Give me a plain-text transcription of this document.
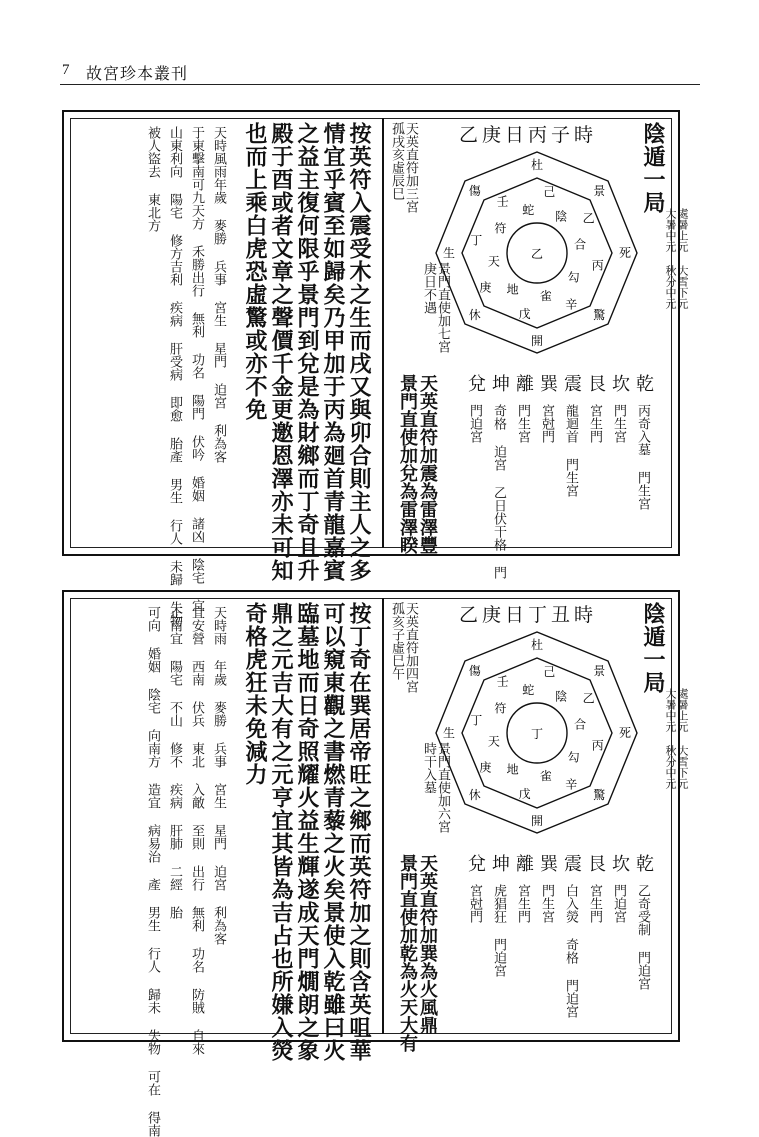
7 故宮珍本叢刊
陰遁一局
大暑中元 秋分中元 處暑上元 大雪下元
乙庚日丙子時
乙
杜
己
蛇
景
乙
陰
死
丙
合
驚
辛
勾
開
戊
雀
休
庚 地
生
丁
天
傷
壬
符
孤戌亥虛辰巳 天英直符加三宮
庚日不遇 景門直使加七宮
乾
丙奇入墓 門生宮
坎
門生宮
艮
宮生門
震
龍迴首 門生宮
巽
宮尅門
離
門生宮
坤
奇格 迫宮 乙日伏干格 門
兌
門迫宮
天英直符加震為雷澤豐
景門直使加兌為雷澤睽
按英符入震受木之生而戌又與卯合則主人之多
情宜乎賓至如歸矣乃甲加于丙為廻首青龍嘉賓
之益主復何限乎景門到兌是為財鄉而丁奇且升
殿于酉或者文章之聲價千金更邀恩澤亦未可知
也而上乘白虎恐虛驚或亦不免
天時風雨年歲 麥勝 兵事 宮生 星門 迫宮 利為客
于東擊南可九天方 禾勝出行 無利 功名 陽門 伏吟 婚姻 諸凶 陰宅 宜
山東利向 陽宅 修方吉利 疾病 肝受病 即愈 胎產 男生 行人 未歸 失物
被人盜去 東北方
陰遁一局
大暑中元 秋分中元 處暑上元 大雪下元
乙庚日丁丑時
丁
杜
己
蛇
景
乙
陰
死
丙
合
驚
辛
勾
開
戊
雀
休
庚 地
生
丁
天
傷
壬
符
孤亥子虛巳午 天英直符加四宮
時干入墓 景門直使加六宮
乾
乙奇受制 門迫宮
坎
門迫宮
艮
宮生門
震
白入熒 奇格 門迫宮
巽
門生宮
離
宮生門
坤
虎猖狂 門迫宮
兌
宮尅門
天英直符加巽為火風鼎
景門直使加乾為火天大有
按丁奇在巽居帝旺之鄉而英符加之則含英咀華
可以窺東觀之書燃青藜之火矣景使入乾雖曰火
臨墓地而日奇照耀火益生輝遂成天門燗朗之象
鼎之元吉大有之元亨宜其皆為吉占也所嫌入熒
奇格虎狂未免減力
天時雨 年歲 麥勝 兵事 宮生 星門 迫宮 利為客
宜安營 西南 伏兵 東北 入敵 至則 出行 無利 功名 防賊 自來
正南宜 陽宅 不山 修不 疾病 肝肺 二經 胎
可向 婚姻 陰宅 向南方 造宜 病易治 產 男生 行人 歸未 失物 可在 得南
